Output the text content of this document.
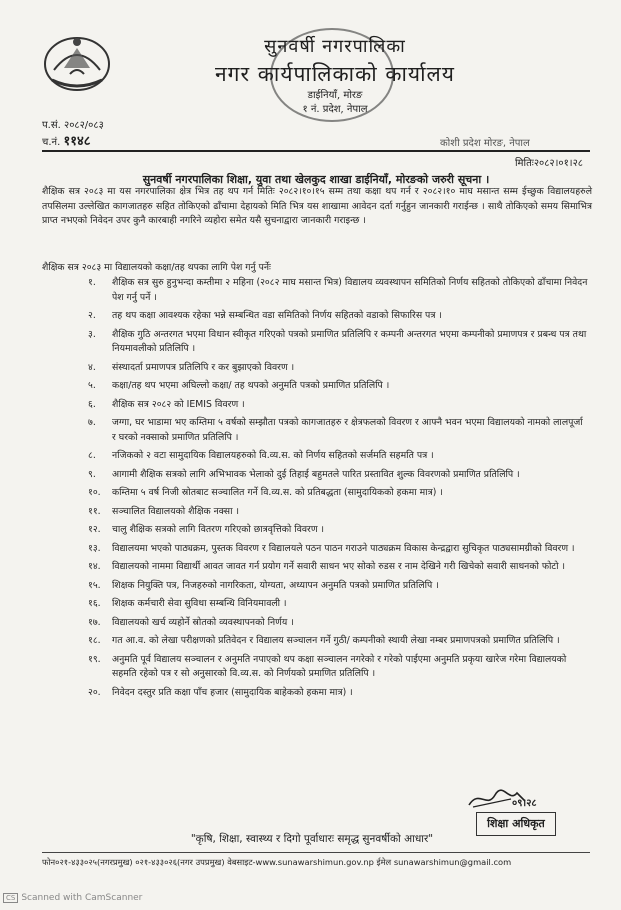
सुनवर्षी नगरपालिका
नगर कार्यपालिकाको कार्यालय
डाईनियाँ, मोरङ
१ नं. प्रदेश, नेपाल
प.सं. २०८२/०८३
च.नं. ११४८	कोशी प्रदेश मोरङ, नेपाल
मितिः२०८२।०१।२८
सुनवर्षी नगरपालिका शिक्षा, युवा तथा खेलकुद शाखा डाईनियाँ, मोरङको जरुरी सूचना ।
शैक्षिक सत्र २०८३ मा यस नगरपालिका क्षेत्र भित्र तह थप गर्न मितिः २०८२।१०।१५ सम्म तथा कक्षा थप गर्न र २०८२।१० माघ मसान्त सम्म ईच्छुक विद्यालयहरुले तपसिलमा उल्लेखित कागजातहरु सहित तोकिएको ढाँचामा देहायको मिति भित्र यस शाखामा आवेदन दर्ता गर्नुहुन जानकारी गराईन्छ । साथै तोकिएको समय सिमाभित्र प्राप्त नभएको निवेदन उपर कुनै कारबाही नगरिने व्यहोरा समेत यसै सुचनाद्वारा जानकारी गराइन्छ ।
शैक्षिक सत्र २०८३ मा विद्यालयको कक्षा/तह थपका लागि पेश गर्नु पर्नेः
१. शैक्षिक सत्र सुरु हुनुभन्दा कम्तीमा २ महिना (२०८२ माघ मसान्त भित्र) विद्यालय व्यवस्थापन समितिको निर्णय सहितको तोकिएको ढाँचामा निवेदन पेश गर्नु पर्ने ।
२. तह थप कक्षा आवश्यक रहेका भन्ने सम्बन्धित वडा समितिको निर्णय सहितको वडाको सिफारिस पत्र ।
३. शैक्षिक गुठि अन्तरगत भएमा विधान स्वीकृत गरिएको पत्रको प्रमाणित प्रतिलिपि र कम्पनी अन्तरगत भएमा कम्पनीको प्रमाणपत्र र प्रबन्ध पत्र तथा नियमावलीको प्रतिलिपि ।
४. संस्थादर्ता प्रमाणपत्र प्रतिलिपि र कर बुझाएको विवरण ।
५. कक्षा/तह थप भएमा अघिल्लो कक्षा/ तह थपको अनुमति पत्रको प्रमाणित प्रतिलिपि ।
६. शैक्षिक सत्र २०८२ को IEMIS विवरण ।
७. जग्गा, घर भाडामा भए कम्तिमा ५ वर्षको सम्झौता पत्रको कागजातहरु र क्षेत्रफलको विवरण र आफ्नै भवन भएमा विद्यालयको नामको लालपूर्जा र घरको नक्साको प्रमाणित प्रतिलिपि ।
८. नजिकको २ वटा सामुदायिक विद्यालयहरुको वि.व्य.स. को निर्णय सहितको सर्जमति सहमति पत्र ।
९. आगामी शैक्षिक सत्रको लागि अभिभावक भेलाको दुई तिहाई बहुमतले पारित प्रस्तावित शुल्क विवरणको प्रमाणित प्रतिलिपि ।
१०. कम्तिमा ५ वर्ष निजी स्रोतबाट सञ्चालित गर्ने वि.व्य.स. को प्रतिबद्धता (सामुदायिकको हकमा मात्र) ।
११. सञ्चालित विद्यालयको शैक्षिक नक्सा ।
१२. चालु शैक्षिक सत्रको लागि वितरण गरिएको छात्रवृत्तिको विवरण ।
१३. विद्यालयमा भएको पाठ्यक्रम, पुस्तक विवरण र विद्यालयले पठन पाठन गराउने पाठ्यक्रम विकास केन्द्रद्वारा सुचिकृत पाठ्यसामग्रीको विवरण ।
१४. विद्यालयको नाममा विद्यार्थी आवत जावत गर्न प्रयोग गर्ने सवारी साधन भए सोको रुडस र नाम देखिने गरी खिचेको सवारी साधनको फोटो ।
१५. शिक्षक नियुक्ति पत्र, निजहरुको नागरिकता, योग्यता, अध्यापन अनुमति पत्रको प्रमाणित प्रतिलिपि ।
१६. शिक्षक कर्मचारी सेवा सुविधा सम्बन्धि विनियमावली ।
१७. विद्यालयको खर्च व्यहोर्ने स्रोतको व्यवस्थापनको निर्णय ।
१८. गत आ.व. को लेखा परीक्षणको प्रतिवेदन र विद्यालय सञ्चालन गर्ने गुठी/ कम्पनीको स्थायी लेखा नम्बर प्रमाणपत्रको प्रमाणित प्रतिलिपि ।
१९. अनुमति पूर्व विद्यालय सञ्चालन र अनुमति नपाएको थप कक्षा सञ्चालन नगरेको र गरेको पाईएमा अनुमति प्रकृया खारेज गरेमा विद्यालयको सहमति रहेको पत्र र सो अनुसारको वि.व्य.स. को निर्णयको प्रमाणित प्रतिलिपि ।
२०. निवेदन दस्तुर प्रति कक्षा पाँच हजार (सामुदायिक बाहेकको हकमा मात्र) ।
०९।२८
शिक्षा अधिकृत
"कृषि, शिक्षा, स्वास्थ्य र दिगो पूर्वाधारः समृद्ध सुनवर्षीको आधार"
फोन०२१-४३३०२५(नगरप्रमुख) ०२१-४३३०२६(नगर उपप्रमुख) वेबसाइट-www.sunawarshimun.gov.np ईमेल sunawarshimun@gmail.com
CS Scanned with CamScanner
